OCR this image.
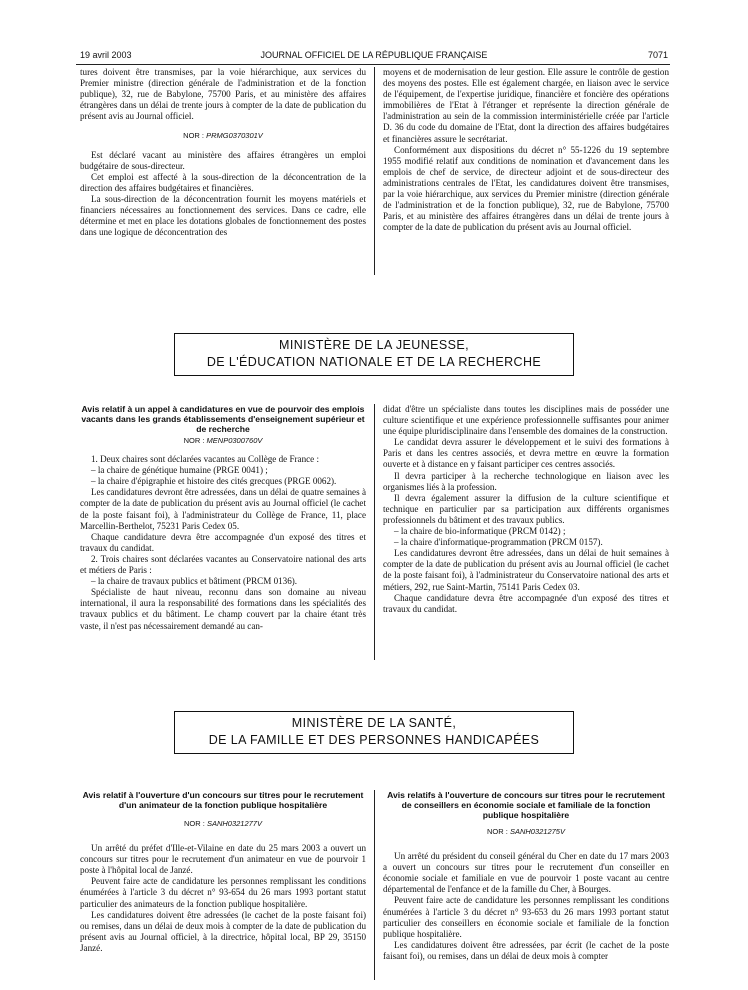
19 avril 2003	JOURNAL OFFICIEL DE LA RÉPUBLIQUE FRANÇAISE	7071

tures doivent être transmises, par la voie hiérarchique, aux services du Premier ministre (direction générale de l'administration et de la fonction publique), 32, rue de Babylone, 75700 Paris, et au ministère des affaires étrangères dans un délai de trente jours à compter de la date de publication du présent avis au Journal officiel.

NOR : PRMG0370301V

Est déclaré vacant au ministère des affaires étrangères un emploi budgétaire de sous-directeur.

Cet emploi est affecté à la sous-direction de la déconcentration de la direction des affaires budgétaires et financières.

La sous-direction de la déconcentration fournit les moyens matériels et financiers nécessaires au fonctionnement des services. Dans ce cadre, elle détermine et met en place les dotations globales de fonctionnement des postes dans une logique de déconcentration des

moyens et de modernisation de leur gestion. Elle assure le contrôle de gestion des moyens des postes. Elle est également chargée, en liaison avec le service de l'équipement, de l'expertise juridique, financière et foncière des opérations immobilières de l'Etat à l'étranger et représente la direction générale de l'administration au sein de la commission interministérielle créée par l'article D. 36 du code du domaine de l'Etat, dont la direction des affaires budgétaires et financières assure le secrétariat.

Conformément aux dispositions du décret n° 55-1226 du 19 septembre 1955 modifié relatif aux conditions de nomination et d'avancement dans les emplois de chef de service, de directeur adjoint et de sous-directeur des administrations centrales de l'Etat, les candidatures doivent être transmises, par la voie hiérarchique, aux services du Premier ministre (direction générale de l'administration et de la fonction publique), 32, rue de Babylone, 75700 Paris, et au ministère des affaires étrangères dans un délai de trente jours à compter de la date de publication du présent avis au Journal officiel.

MINISTÈRE DE LA JEUNESSE,
DE L'ÉDUCATION NATIONALE ET DE LA RECHERCHE

Avis relatif à un appel à candidatures en vue de pourvoir des emplois vacants dans les grands établissements d'enseignement supérieur et de recherche

NOR : MENP0300760V

1. Deux chaires sont déclarées vacantes au Collège de France :

– la chaire de génétique humaine (PRGE 0041) ;

– la chaire d'épigraphie et histoire des cités grecques (PRGE 0062).

Les candidatures devront être adressées, dans un délai de quatre semaines à compter de la date de publication du présent avis au Journal officiel (le cachet de la poste faisant foi), à l'administrateur du Collège de France, 11, place Marcellin-Berthelot, 75231 Paris Cedex 05.

Chaque candidature devra être accompagnée d'un exposé des titres et travaux du candidat.

2. Trois chaires sont déclarées vacantes au Conservatoire national des arts et métiers de Paris :

– la chaire de travaux publics et bâtiment (PRCM 0136).

Spécialiste de haut niveau, reconnu dans son domaine au niveau international, il aura la responsabilité des formations dans les spécialités des travaux publics et du bâtiment. Le champ couvert par la chaire étant très vaste, il n'est pas nécessairement demandé au can-

didat d'être un spécialiste dans toutes les disciplines mais de posséder une culture scientifique et une expérience professionnelle suffisantes pour animer une équipe pluridisciplinaire dans l'ensemble des domaines de la construction.

Le candidat devra assurer le développement et le suivi des formations à Paris et dans les centres associés, et devra mettre en œuvre la formation ouverte et à distance en y faisant participer ces centres associés.

Il devra participer à la recherche technologique en liaison avec les organismes liés à la profession.

Il devra également assurer la diffusion de la culture scientifique et technique en particulier par sa participation aux différents organismes professionnels du bâtiment et des travaux publics.

– la chaire de bio-informatique (PRCM 0142) ;

– la chaire d'informatique-programmation (PRCM 0157).

Les candidatures devront être adressées, dans un délai de huit semaines à compter de la date de publication du présent avis au Journal officiel (le cachet de la poste faisant foi), à l'administrateur du Conservatoire national des arts et métiers, 292, rue Saint-Martin, 75141 Paris Cedex 03.

Chaque candidature devra être accompagnée d'un exposé des titres et travaux du candidat.

MINISTÈRE DE LA SANTÉ,
DE LA FAMILLE ET DES PERSONNES HANDICAPÉES

Avis relatif à l'ouverture d'un concours sur titres pour le recrutement d'un animateur de la fonction publique hospitalière

NOR : SANH0321277V

Un arrêté du préfet d'Ille-et-Vilaine en date du 25 mars 2003 a ouvert un concours sur titres pour le recrutement d'un animateur en vue de pourvoir 1 poste à l'hôpital local de Janzé.

Peuvent faire acte de candidature les personnes remplissant les conditions énumérées à l'article 3 du décret n° 93-654 du 26 mars 1993 portant statut particulier des animateurs de la fonction publique hospitalière.

Les candidatures doivent être adressées (le cachet de la poste faisant foi) ou remises, dans un délai de deux mois à compter de la date de publication du présent avis au Journal officiel, à la directrice, hôpital local, BP 29, 35150 Janzé.

Avis relatifs à l'ouverture de concours sur titres pour le recrutement de conseillers en économie sociale et familiale de la fonction publique hospitalière

NOR : SANH0321275V

Un arrêté du président du conseil général du Cher en date du 17 mars 2003 a ouvert un concours sur titres pour le recrutement d'un conseiller en économie sociale et familiale en vue de pourvoir 1 poste vacant au centre départemental de l'enfance et de la famille du Cher, à Bourges.

Peuvent faire acte de candidature les personnes remplissant les conditions énumérées à l'article 3 du décret n° 93-653 du 26 mars 1993 portant statut particulier des conseillers en économie sociale et familiale de la fonction publique hospitalière.

Les candidatures doivent être adressées, par écrit (le cachet de la poste faisant foi), ou remises, dans un délai de deux mois à compter
